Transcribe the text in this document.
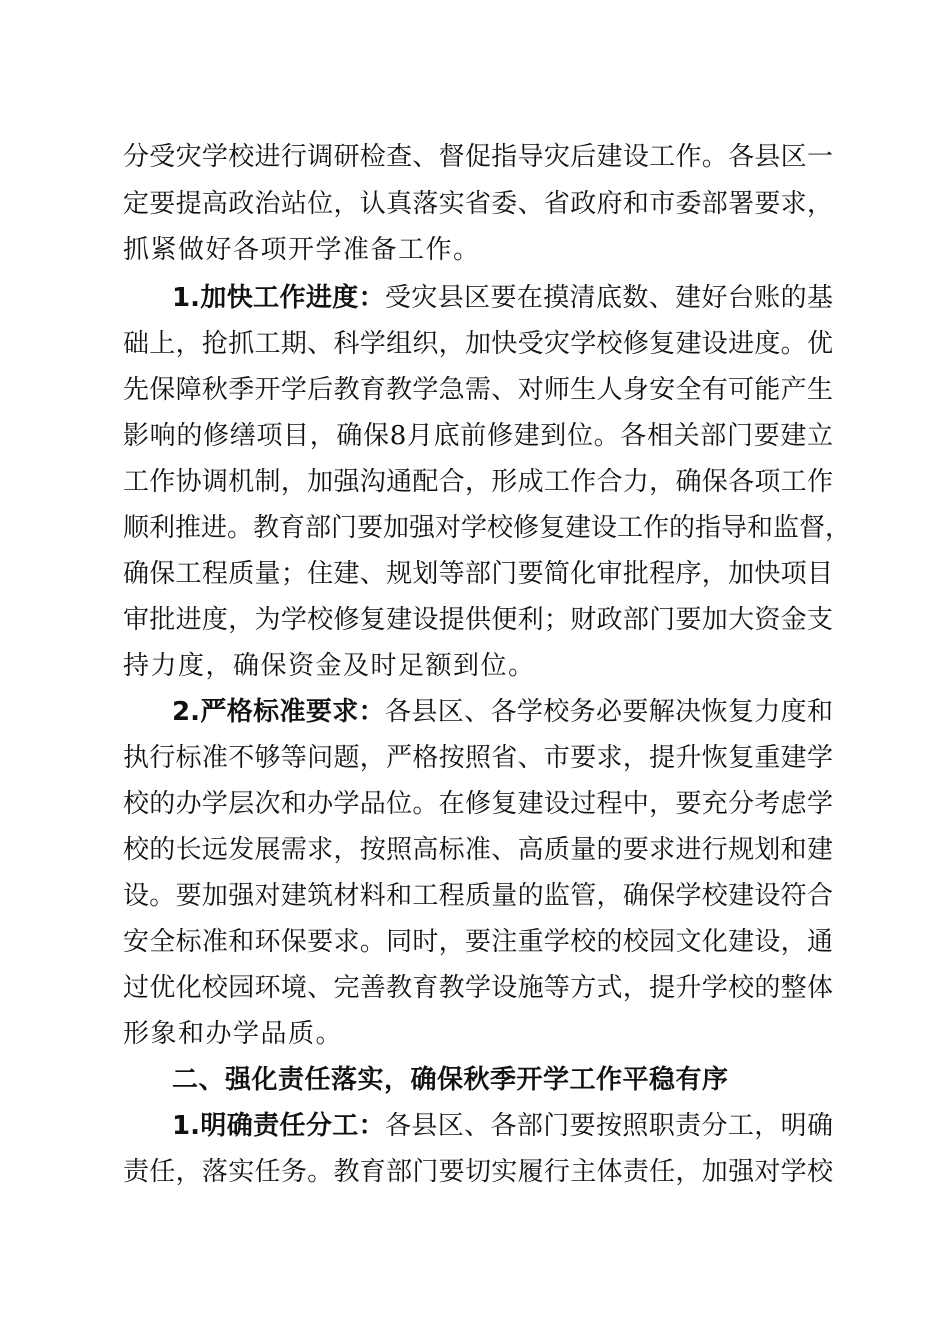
分受灾学校进行调研检查、督促指导灾后建设工作。各县区一
定要提高政治站位，认真落实省委、省政府和市委部署要求，
抓紧做好各项开学准备工作。
1.加快工作进度：受灾县区要在摸清底数、建好台账的基
础上，抢抓工期、科学组织，加快受灾学校修复建设进度。优
先保障秋季开学后教育教学急需、对师生人身安全有可能产生
影响的修缮项目，确保8月底前修建到位。各相关部门要建立
工作协调机制，加强沟通配合，形成工作合力，确保各项工作
顺利推进。教育部门要加强对学校修复建设工作的指导和监督，
确保工程质量；住建、规划等部门要简化审批程序，加快项目
审批进度，为学校修复建设提供便利；财政部门要加大资金支
持力度，确保资金及时足额到位。
2.严格标准要求：各县区、各学校务必要解决恢复力度和
执行标准不够等问题，严格按照省、市要求，提升恢复重建学
校的办学层次和办学品位。在修复建设过程中，要充分考虑学
校的长远发展需求，按照高标准、高质量的要求进行规划和建
设。要加强对建筑材料和工程质量的监管，确保学校建设符合
安全标准和环保要求。同时，要注重学校的校园文化建设，通
过优化校园环境、完善教育教学设施等方式，提升学校的整体
形象和办学品质。
二、强化责任落实，确保秋季开学工作平稳有序
1.明确责任分工：各县区、各部门要按照职责分工，明确
责任，落实任务。教育部门要切实履行主体责任，加强对学校
